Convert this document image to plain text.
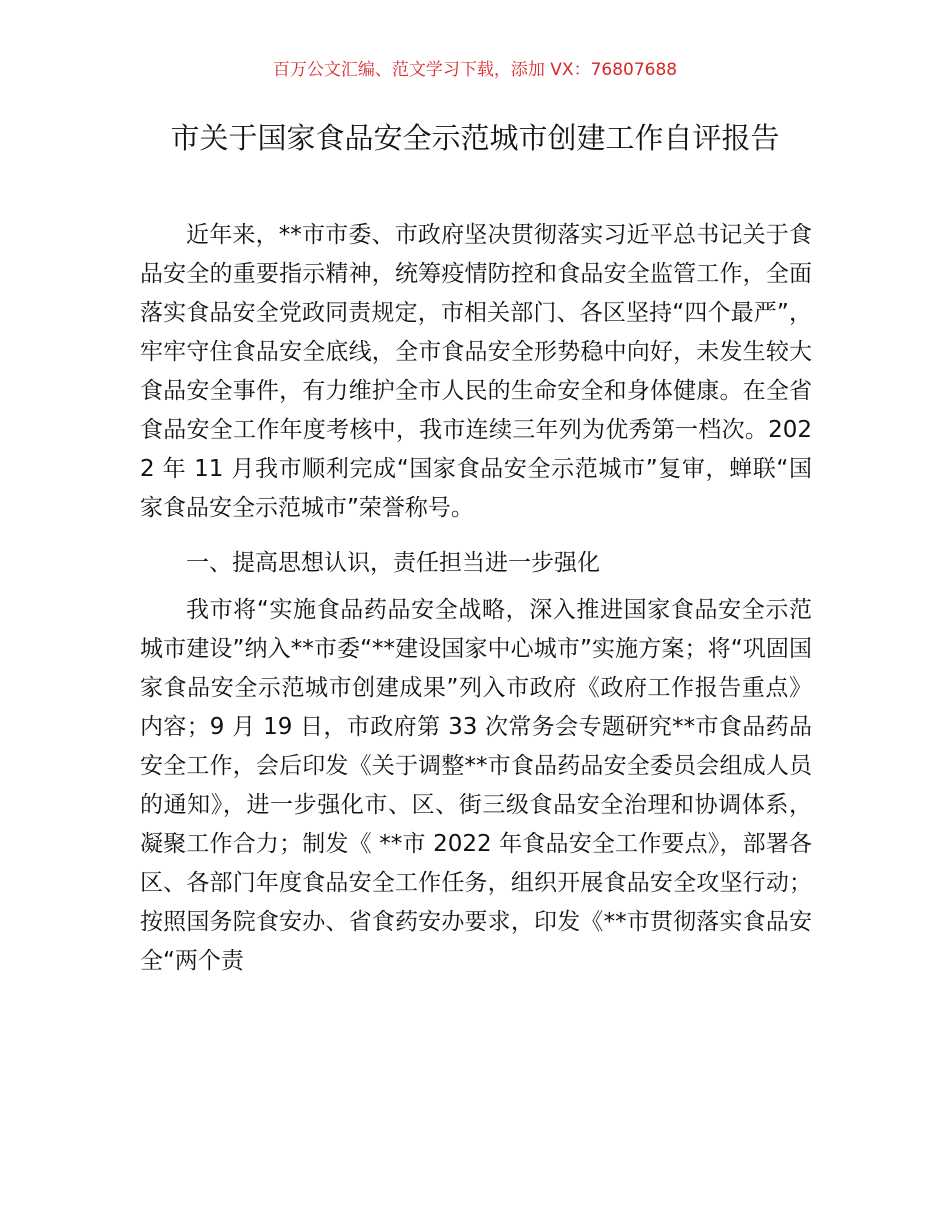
百万公文汇编、范文学习下载，添加 VX：76807688
市关于国家食品安全示范城市创建工作自评报告

近年来，**市市委、市政府坚决贯彻落实习近平总书记关于食品安全的重要指示精神，统筹疫情防控和食品安全监管工作，全面落实食品安全党政同责规定，市相关部门、各区坚持“四个最严”，牢牢守住食品安全底线，全市食品安全形势稳中向好，未发生较大食品安全事件，有力维护全市人民的生命安全和身体健康。在全省食品安全工作年度考核中，我市连续三年列为优秀第一档次。2022 年 11 月我市顺利完成“国家食品安全示范城市”复审，蝉联“国家食品安全示范城市”荣誉称号。

一、提高思想认识，责任担当进一步强化

我市将“实施食品药品安全战略，深入推进国家食品安全示范城市建设”纳入**市委“**建设国家中心城市”实施方案；将“巩固国家食品安全示范城市创建成果”列入市政府《政府工作报告重点》内容；9 月 19 日，市政府第 33 次常务会专题研究**市食品药品安全工作，会后印发《关于调整**市食品药品安全委员会组成人员的通知》，进一步强化市、区、街三级食品安全治理和协调体系，凝聚工作合力；制发《 **市 2022 年食品安全工作要点》，部署各区、各部门年度食品安全工作任务，组织开展食品安全攻坚行动；按照国务院食安办、省食药安办要求，印发《**市贯彻落实食品安全“两个责
